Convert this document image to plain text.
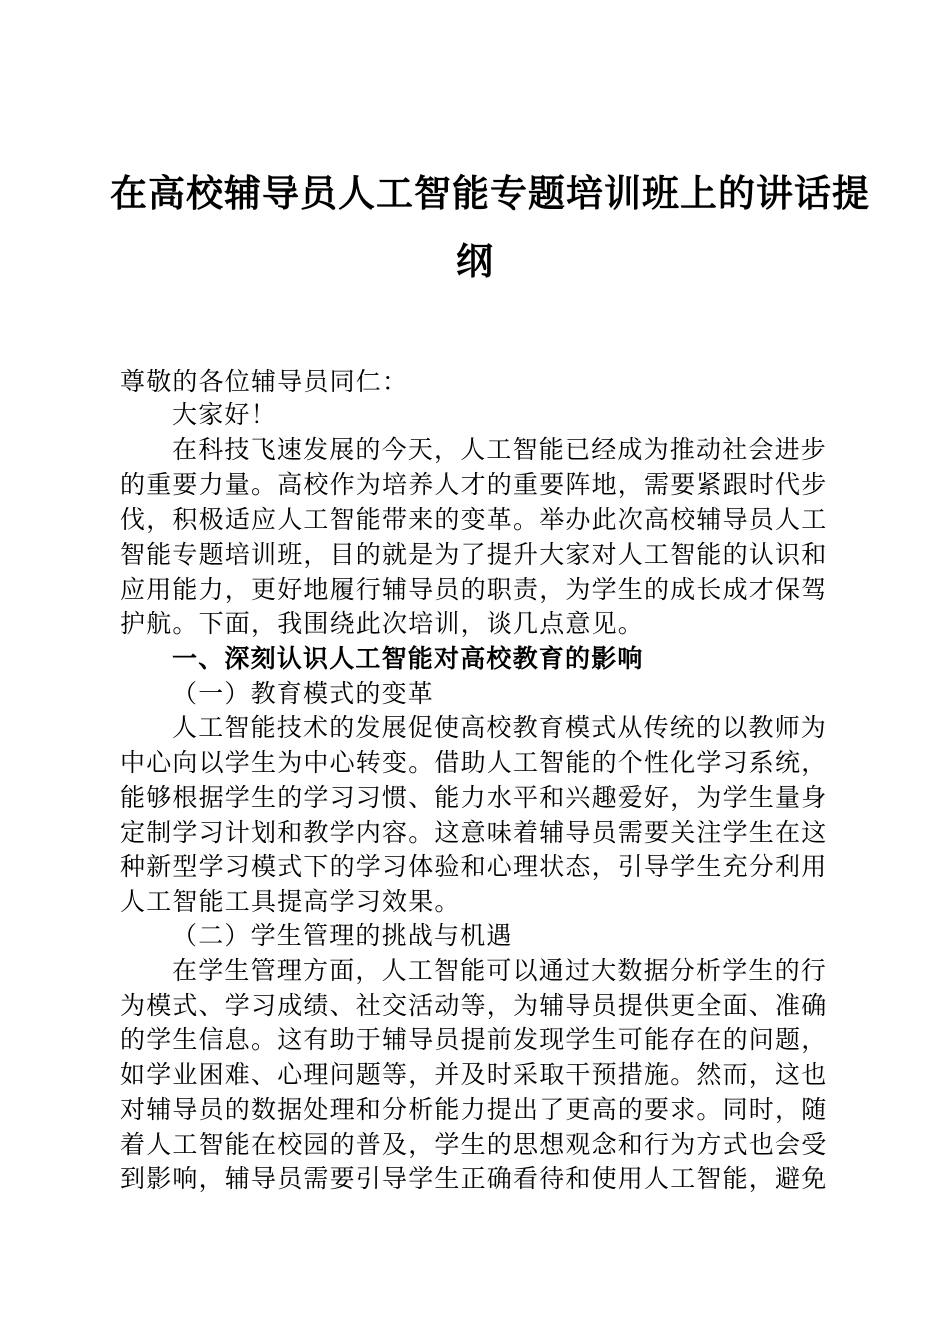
在高校辅导员人工智能专题培训班上的讲话提
纲
尊敬的各位辅导员同仁：
大家好！
在科技飞速发展的今天，人工智能已经成为推动社会进步
的重要力量。高校作为培养人才的重要阵地，需要紧跟时代步
伐，积极适应人工智能带来的变革。举办此次高校辅导员人工
智能专题培训班，目的就是为了提升大家对人工智能的认识和
应用能力，更好地履行辅导员的职责，为学生的成长成才保驾
护航。下面，我围绕此次培训，谈几点意见。
一、深刻认识人工智能对高校教育的影响
（一）教育模式的变革
人工智能技术的发展促使高校教育模式从传统的以教师为
中心向以学生为中心转变。借助人工智能的个性化学习系统，
能够根据学生的学习习惯、能力水平和兴趣爱好，为学生量身
定制学习计划和教学内容。这意味着辅导员需要关注学生在这
种新型学习模式下的学习体验和心理状态，引导学生充分利用
人工智能工具提高学习效果。
（二）学生管理的挑战与机遇
在学生管理方面，人工智能可以通过大数据分析学生的行
为模式、学习成绩、社交活动等，为辅导员提供更全面、准确
的学生信息。这有助于辅导员提前发现学生可能存在的问题，
如学业困难、心理问题等，并及时采取干预措施。然而，这也
对辅导员的数据处理和分析能力提出了更高的要求。同时，随
着人工智能在校园的普及，学生的思想观念和行为方式也会受
到影响，辅导员需要引导学生正确看待和使用人工智能，避免
